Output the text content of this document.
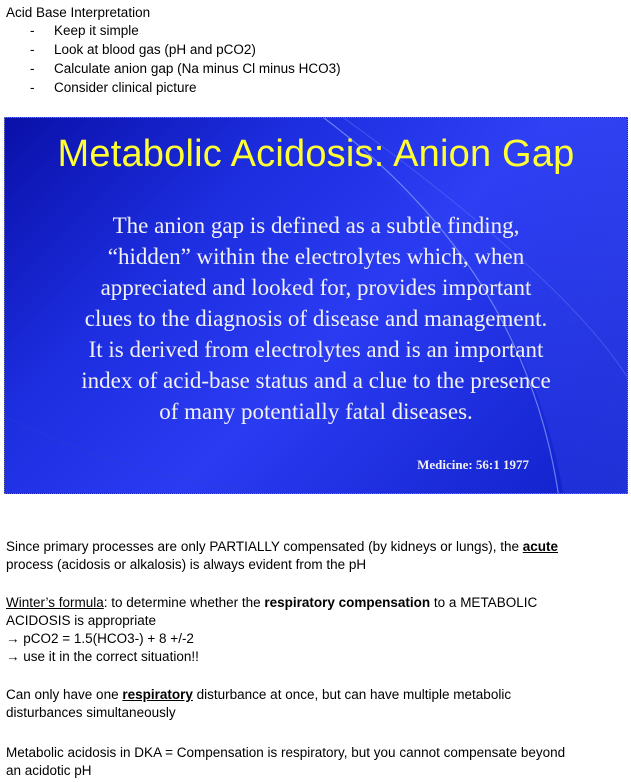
Acid Base Interpretation
- Keep it simple
- Look at blood gas (pH and pCO2)
- Calculate anion gap (Na minus Cl minus HCO3)
- Consider clinical picture
Metabolic Acidosis: Anion Gap
The anion gap is defined as a subtle finding,
“hidden” within the electrolytes which, when
appreciated and looked for, provides important
clues to the diagnosis of disease and management.
It is derived from electrolytes and is an important
index of acid-base status and a clue to the presence
of many potentially fatal diseases.
Medicine: 56:1 1977

Since primary processes are only PARTIALLY compensated (by kidneys or lungs), the acute
process (acidosis or alkalosis) is always evident from the pH

Winter’s formula: to determine whether the respiratory compensation to a METABOLIC
ACIDOSIS is appropriate
→ pCO2 = 1.5(HCO3-) + 8 +/-2
→ use it in the correct situation!!

Can only have one respiratory disturbance at once, but can have multiple metabolic
disturbances simultaneously

Metabolic acidosis in DKA = Compensation is respiratory, but you cannot compensate beyond
an acidotic pH
